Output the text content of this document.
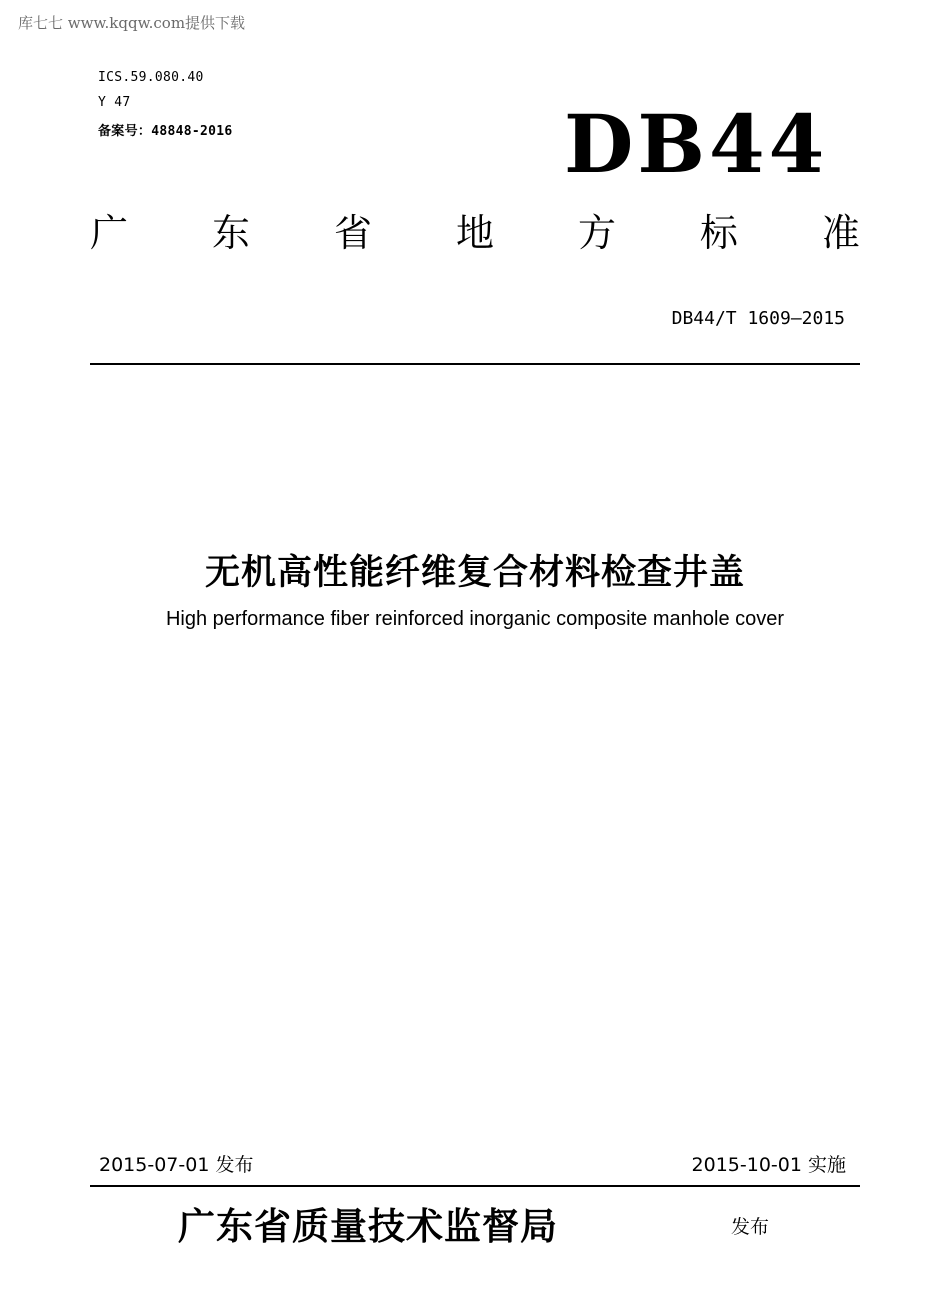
库七七 www.kqqw.com提供下载
ICS.59.080.40
Y 47
备案号：48848-2016	DB44
广 东 省 地 方 标 准
DB44/T 1609—2015
无机高性能纤维复合材料检查井盖
High performance fiber reinforced inorganic composite manhole cover
2015-07-01 发布	2015-10-01 实施
广东省质量技术监督局	发布
